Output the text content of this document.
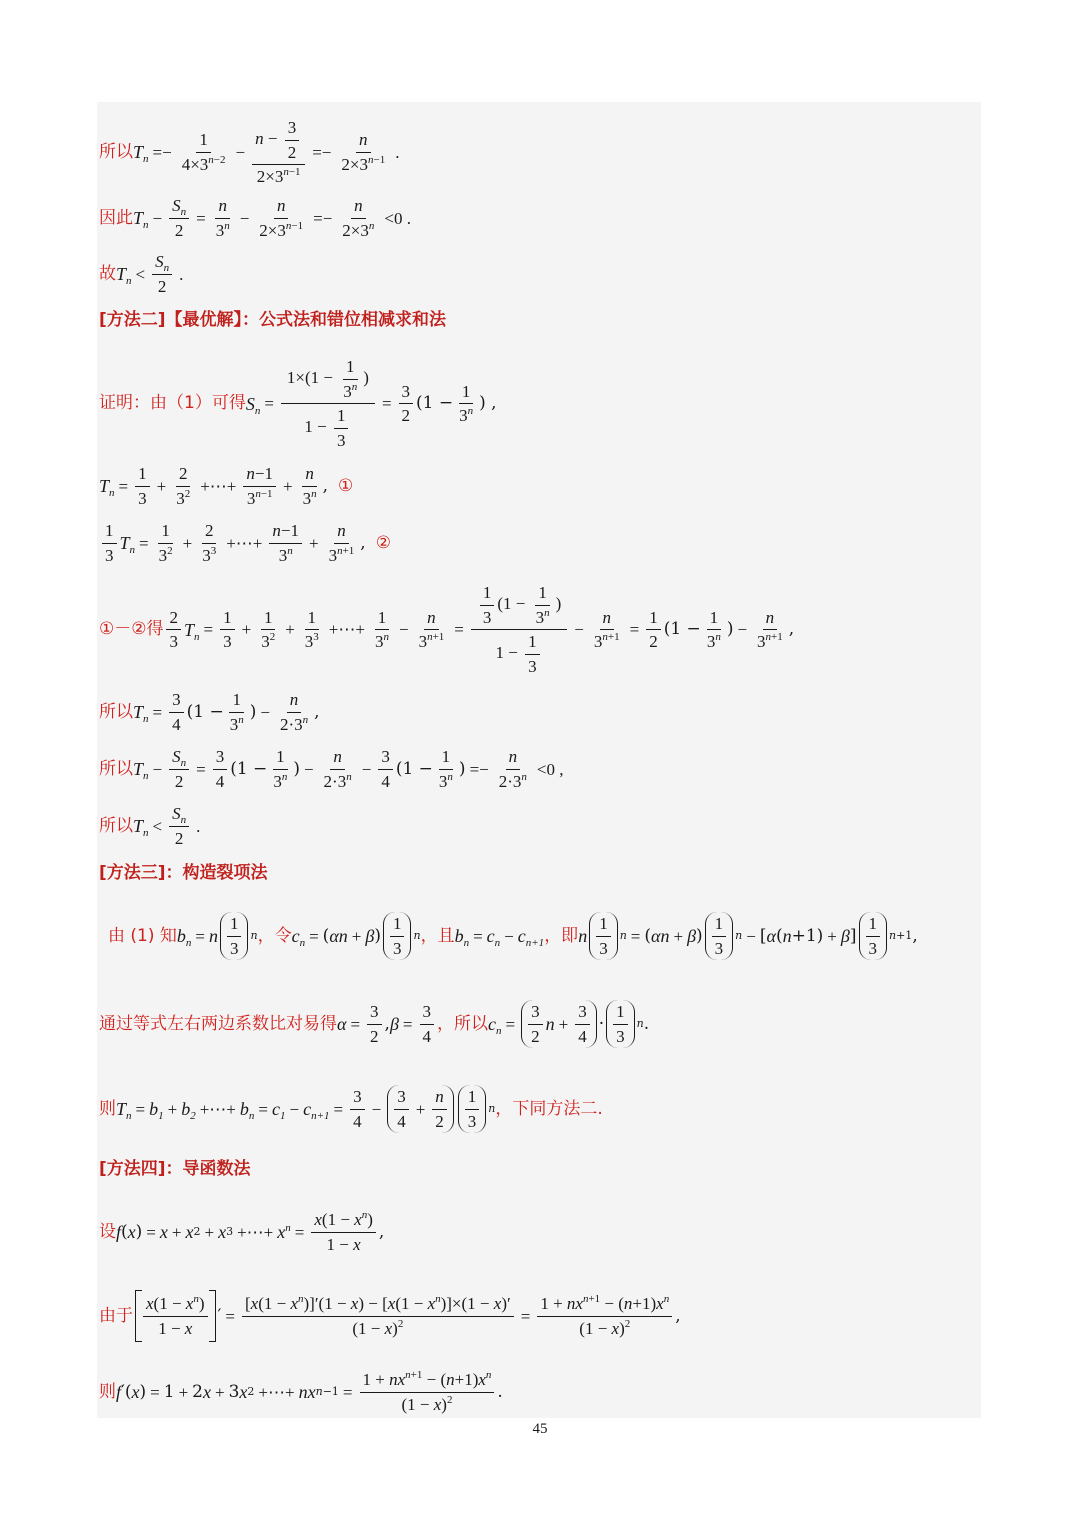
所以 $T_n =- \frac{1}{4\times 3^{n-2}} - \frac{n - \frac{3}{2}}{2\times 3^{n-1}} =- \frac{n}{2\times 3^{n-1}}$ .
因此 $T_n - \frac{S_n}{2} = \frac{n}{3^n} - \frac{n}{2\times 3^{n-1}} =- \frac{n}{2\times 3^n} <0$ .
故 $T_n < \frac{S_n}{2}$ .
[方法二]【最优解】：公式法和错位相减求和法
证明：由（1）可得 $S_n = \frac{1\times(1 - \frac{1}{3^n} )}{1 - \frac{1}{3}} = \frac{3}{2} (1 - \frac{1}{3^n}$ ) ,
$T_n = \frac{1}{3} + \frac{2}{3^2}$ +⋯+ $\frac{n-1}{3^{n-1}} + \frac{n}{3^n}$ , ①
$\frac{1}{3} T_n = \frac{1}{3^2} + \frac{2}{3^3}$ +⋯+ $\frac{n-1}{3^n} + \frac{n}{3^{n+1}}$ , ②
①－②得 $\frac{2}{3} T_n = \frac{1}{3} + \frac{1}{3^2} + \frac{1}{3^3}$ +⋯+ $\frac{1}{3^n} - \frac{n}{3^{n+1}} = \frac{\frac{1}{3} (1 - \frac{1}{3^n} )}{1 - \frac{1}{3}} - \frac{n}{3^{n+1}} = \frac{1}{2} (1 - \frac{1}{3^n}$ ) − $\frac{n}{3^{n+1}}$ ,
所以 $T_n = \frac{3}{4} (1 - \frac{1}{3^n}$ ) − $\frac{n}{2\cdot 3^n}$ ,
所以 $T_n - \frac{S_n}{2} = \frac{3}{4} (1 - \frac{1}{3^n}$ ) − $\frac{n}{2\cdot 3^n} - \frac{3}{4} (1 - \frac{1}{3^n}$ ) =− $\frac{n}{2\cdot 3^n} <0$ ,
所以 $T_n < \frac{S_n}{2}$ .
[方法三]：构造裂项法
由 (1) 知 $b_n = n \frac{1}{3}$ n ，令 $c_n$ = ( αn + β ) $\frac{1}{3}$ n ，且 $b_n = c_n - c_{n+1}$ ，即 n $\frac{1}{3}$ n = ( αn + β ) $\frac{1}{3}$ n − [ α ( n +1) + β ] $\frac{1}{3} n+1$ ,
通过等式左右两边系数比对易得 $\alpha = \frac{3}{2}$ , $\beta = \frac{3}{4}$ ，所以 $c_n = \frac{3}{2}$ $n + \frac{3}{4} \cdot \frac{1}{3}$ n .
则 $T_n = b_1 + b_2$ +⋯+ $b_n = c_1 - c_{n+1} = \frac{3}{4} - \frac{3}{4} + \frac{n}{2} \frac{1}{3}$ n ，下同方法二.
[方法四]：导函数法
设 f ( x ) = x + x 2 + x 3 +⋯+ $x^n = \frac{x(1 - x^n)}{1 - x}$ ,
由于 $\frac{x(1 - x^n)}{1 - x}$ ′ = $\frac{[x(1 - x^n)]'(1 - x) - [x(1 - x^n)]\times(1 - x)'}{(1 - x)^2} = \frac{1 + nx^{n+1} - (n+1)x^n}{(1 - x)^2}$ ,
则 f ′( x ) = 1 + 2 x + 3 x 2 +⋯+ nx $n-1 = \frac{1 + nx^{n+1} - (n+1)x^n}{(1 - x)^2}$ .
45
